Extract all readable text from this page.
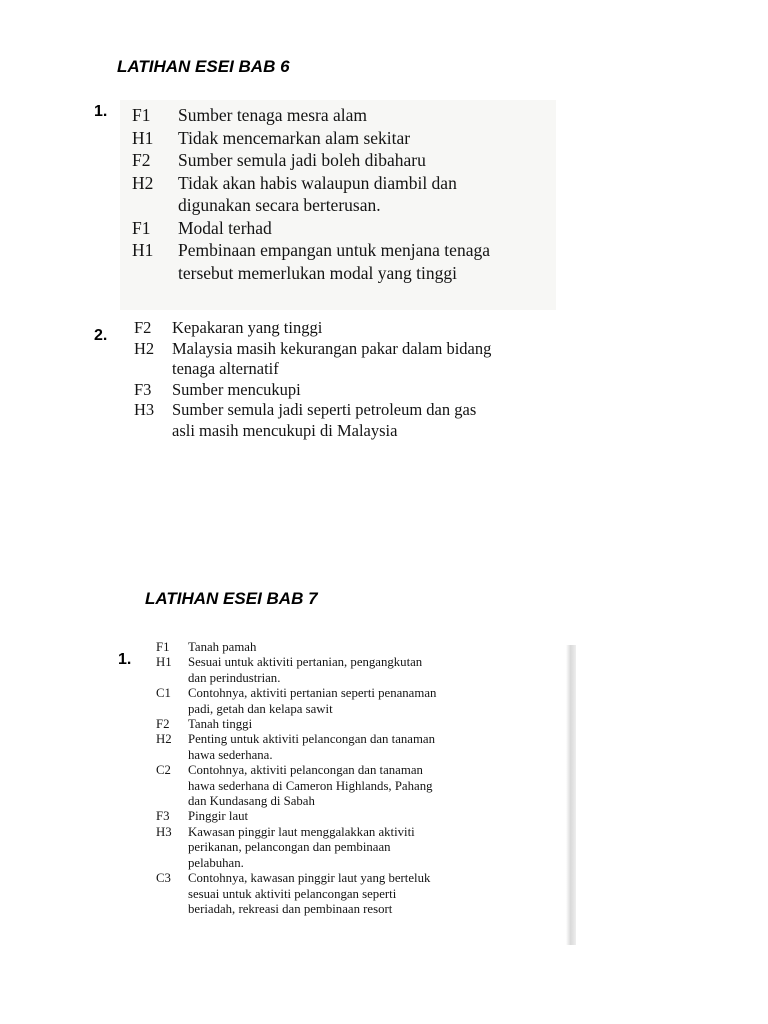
LATIHAN ESEI BAB 6
1.	F1	Sumber tenaga mesra alam
H1	Tidak mencemarkan alam sekitar
F2	Sumber semula jadi boleh dibaharu
H2	Tidak akan habis walaupun diambil dan
digunakan secara berterusan.
F1	Modal terhad
H1	Pembinaan empangan untuk menjana tenaga
tersebut memerlukan modal yang tinggi
2.	F2	Kepakaran yang tinggi
H2	Malaysia masih kekurangan pakar dalam bidang
tenaga alternatif
F3	Sumber mencukupi
H3	Sumber semula jadi seperti petroleum dan gas
asli masih mencukupi di Malaysia
LATIHAN ESEI BAB 7
1.
F1	Tanah pamah
H1	Sesuai untuk aktiviti pertanian, pengangkutan
dan perindustrian.
C1	Contohnya, aktiviti pertanian seperti penanaman
padi, getah dan kelapa sawit
F2	Tanah tinggi
H2	Penting untuk aktiviti pelancongan dan tanaman
hawa sederhana.
C2	Contohnya, aktiviti pelancongan dan tanaman
hawa sederhana di Cameron Highlands, Pahang
dan Kundasang di Sabah
F3	Pinggir laut
H3	Kawasan pinggir laut menggalakkan aktiviti
perikanan, pelancongan dan pembinaan
pelabuhan.
C3	Contohnya, kawasan pinggir laut yang berteluk
sesuai untuk aktiviti pelancongan seperti
beriadah, rekreasi dan pembinaan resort
